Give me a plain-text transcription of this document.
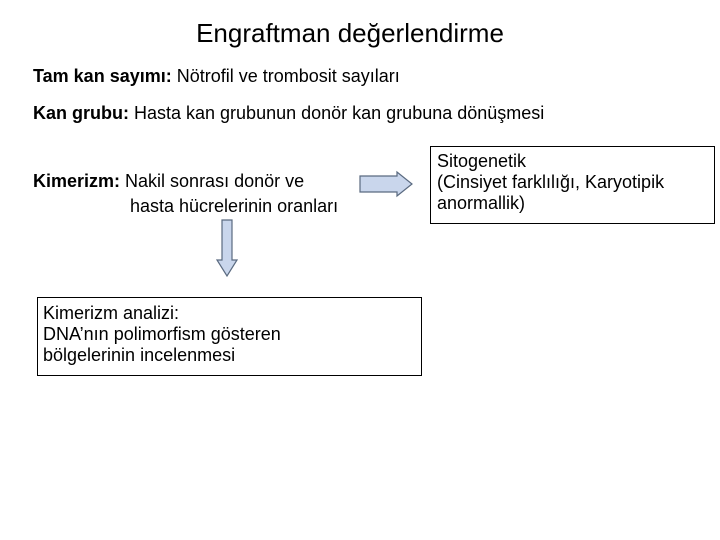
Engraftman değerlendirme
Tam kan sayımı: Nötrofil ve trombosit sayıları
Kan grubu: Hasta kan grubunun donör kan grubuna dönüşmesi
Kimerizm: Nakil sonrası donör ve
hasta hücrelerinin oranları
Sitogenetik
(Cinsiyet farklılığı, Karyotipik
anormallik)
Kimerizm analizi:
DNA’nın polimorfism gösteren
bölgelerinin incelenmesi
